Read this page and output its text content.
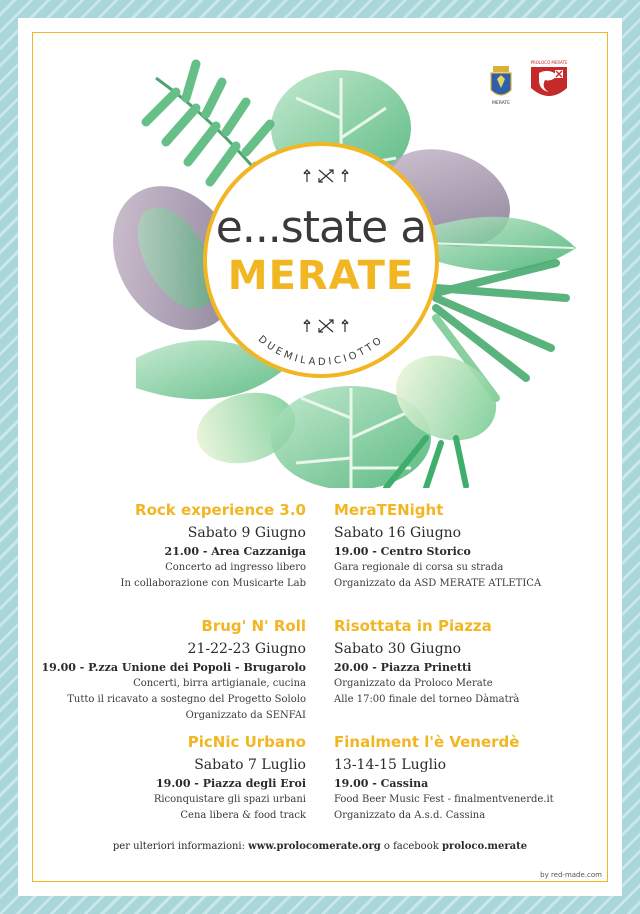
MERATE
PROLOCO MERATE
e...state a
MERATE
DUEMILADICIOTTO
Rock experience 3.0
Sabato 9 Giugno
21.00 - Area Cazzaniga
Concerto ad ingresso libero
In collaborazione con Musicarte Lab
Brug' N' Roll
21-22-23 Giugno
19.00 - P.zza Unione dei Popoli - Brugarolo
Concerti, birra artigianale, cucina
Tutto il ricavato a sostegno del Progetto Sololo
Organizzato da SENFAI
PicNic Urbano
Sabato 7 Luglio
19.00 - Piazza degli Eroi
Riconquistare gli spazi urbani
Cena libera & food track
MeraTENight
Sabato 16 Giugno
19.00 - Centro Storico
Gara regionale di corsa su strada
Organizzato da ASD MERATE ATLETICA
Risottata in Piazza
Sabato 30 Giugno
20.00 - Piazza Prinetti
Organizzato da Proloco Merate
Alle 17:00 finale del torneo Dàmatrà
Finalment l'è Venerdè
13-14-15 Luglio
19.00 - Cassina
Food Beer Music Fest - finalmentvenerde.it
Organizzato da A.s.d. Cassina
per ulteriori informazioni: www.prolocomerate.org o facebook proloco.merate
by red-made.com
